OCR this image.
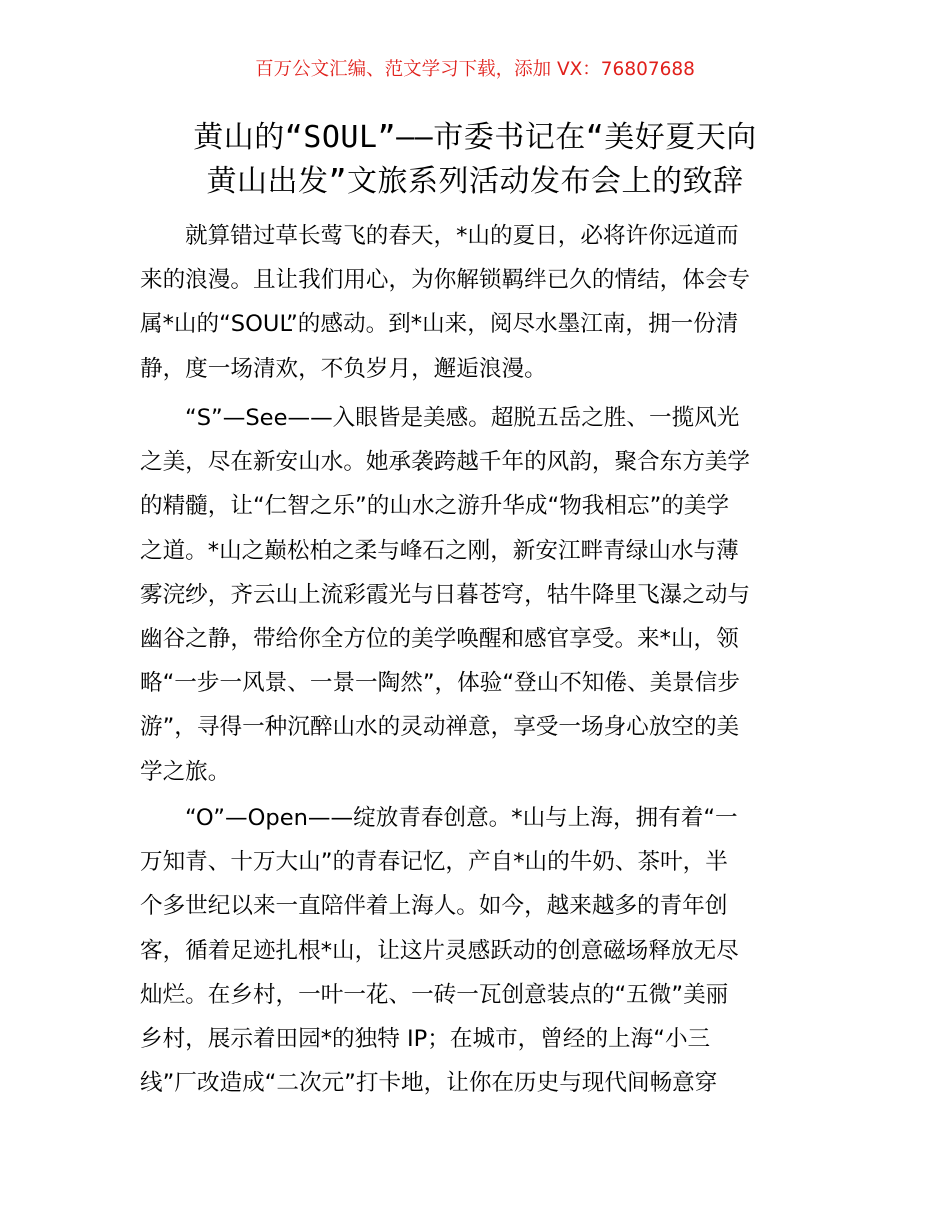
百万公文汇编、范文学习下载，添加 VX：76807688
黄山的“SOUL”——市委书记在“美好夏天向
黄山出发”文旅系列活动发布会上的致辞
就算错过草长莺飞的春天，*山的夏日，必将许你远道而
来的浪漫。且让我们用心，为你解锁羁绊已久的情结，体会专
属*山的“SOUL”的感动。到*山来，阅尽水墨江南，拥一份清
静，度一场清欢，不负岁月，邂逅浪漫。
“S”—See——入眼皆是美感。超脱五岳之胜、一揽风光
之美，尽在新安山水。她承袭跨越千年的风韵，聚合东方美学
的精髓，让“仁智之乐”的山水之游升华成“物我相忘”的美学
之道。*山之巅松柏之柔与峰石之刚，新安江畔青绿山水与薄
雾浣纱，齐云山上流彩霞光与日暮苍穹，牯牛降里飞瀑之动与
幽谷之静，带给你全方位的美学唤醒和感官享受。来*山，领
略“一步一风景、一景一陶然”，体验“登山不知倦、美景信步
游”，寻得一种沉醉山水的灵动禅意，享受一场身心放空的美
学之旅。
“O”—Open——绽放青春创意。*山与上海，拥有着“一
万知青、十万大山”的青春记忆，产自*山的牛奶、茶叶，半
个多世纪以来一直陪伴着上海人。如今，越来越多的青年创
客，循着足迹扎根*山，让这片灵感跃动的创意磁场释放无尽
灿烂。在乡村，一叶一花、一砖一瓦创意装点的“五微”美丽
乡村，展示着田园*的独特 IP；在城市，曾经的上海“小三
线”厂改造成“二次元”打卡地，让你在历史与现代间畅意穿
